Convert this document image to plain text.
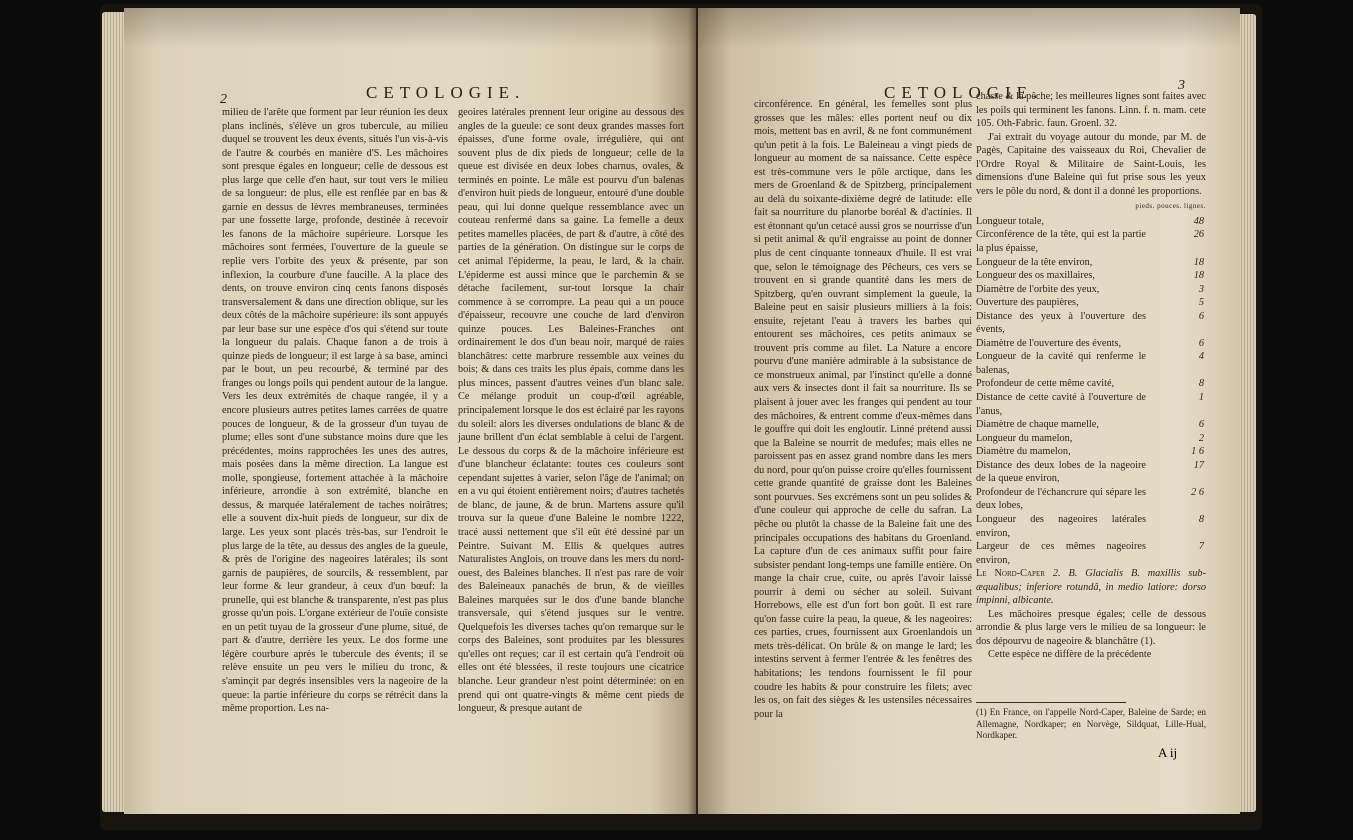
2	CETOLOGIE.

milieu de l'arête que forment par leur réunion les deux plans inclinés, s'élève un gros tubercule, au milieu duquel se trouvent les deux évents, situés l'un vis-à-vis de l'autre & courbés en manière d'S. Les mâchoires sont presque égales en longueur; celle de dessous est plus large que celle d'en haut, sur tout vers le milieu de sa longueur: de plus, elle est renflée par en bas & garnie en dessus de lèvres membraneuses, terminées par une fossette large, profonde, destinée à recevoir les fanons de la mâchoire supérieure. Lorsque les mâchoires sont fermées, l'ouverture de la gueule se replie vers l'orbite des yeux & présente, par son inflexion, la courbure d'une faucille. A la place des dents, on trouve environ cinq cents fanons disposés transversalement & dans une direction oblique, sur les deux côtés de la mâchoire supérieure: ils sont appuyés par leur base sur une espèce d'os qui s'étend sur toute la longueur du palais. Chaque fanon a de trois à quinze pieds de longueur; il est large à sa base, aminci par le bout, un peu recourbé, & terminé par des franges ou longs poils qui pendent autour de la langue. Vers les deux extrémités de chaque rangée, il y a encore plusieurs autres petites lames carrées de quatre pouces de longueur, & de la grosseur d'un tuyau de plume; elles sont d'une substance moins dure que les précédentes, moins rapprochées les unes des autres, mais posées dans la même direction. La langue est molle, spongieuse, fortement attachée à la mâchoire inférieure, arrondie à son extrémité, blanche en dessus, & marquée latéralement de taches noirâtres; elle a souvent dix-huit pieds de longueur, sur dix de large. Les yeux sont placés très-bas, sur l'endroit le plus large de la tête, au dessus des angles de la gueule, & près de l'origine des nageoires latérales; ils sont garnis de paupières, de sourcils, & ressemblent, par leur forme & leur grandeur, à ceux d'un bœuf: la prunelle, qui est blanche & transparente, n'est pas plus grosse qu'un pois. L'organe extérieur de l'ouïe consiste en un petit tuyau de la grosseur d'une plume, situé, de part & d'autre, derrière les yeux. Le dos forme une légère courbure après le tubercule des évents; il se relève ensuite un peu vers le milieu du tronc, & s'aminçit par degrés insensibles vers la nageoire de la queue: la partie inférieure du corps se rétrécit dans la même proportion. Les na-

geoires latérales prennent leur origine au dessous des angles de la gueule: ce sont deux grandes masses fort épaisses, d'une forme ovale, irrégulière, qui ont souvent plus de dix pieds de longueur; celle de la queue est divisée en deux lobes charnus, ovales, & terminés en pointe. Le mâle est pourvu d'un balenas d'environ huit pieds de longueur, entouré d'une double peau, qui lui donne quelque ressemblance avec un couteau renfermé dans sa gaine. La femelle a deux petites mamelles placées, de part & d'autre, à côté des parties de la génération. On distingue sur le corps de cet animal l'épiderme, la peau, le lard, & la chair. L'épiderme est aussi mince que le parchemin & se détache facilement, sur-tout lorsque la chair commence à se corrompre. La peau qui a un pouce d'épaisseur, recouvre une couche de lard d'environ quinze pouces. Les Baleines-Franches ont ordinairement le dos d'un beau noir, marqué de raies blanchâtres: cette marbrure ressemble aux veines du bois; & dans ces traits les plus épais, comme dans les plus minces, passent d'autres veines d'un blanc sale. Ce mélange produit un coup-d'œil agréable, principalement lorsque le dos est éclairé par les rayons du soleil: alors les diverses ondulations de blanc & de jaune brillent d'un éclat semblable à celui de l'argent. Le dessous du corps & de la mâchoire inférieure est d'une blancheur éclatante: toutes ces couleurs sont cependant sujettes à varier, selon l'âge de l'animal; on en a vu qui étoient entièrement noirs; d'autres tachetés de blanc, de jaune, & de brun. Martens assure qu'il trouva sur la queue d'une Baleine le nombre 1222, tracé aussi nettement que s'il eût été dessiné par un Peintre. Suivant M. Ellis & quelques autres Naturalistes Anglois, on trouve dans les mers du nord-ouest, des Baleines blanches. Il n'est pas rare de voir des Baleineaux panachés de brun, & de vieilles Baleines marquées sur le dos d'une bande blanche transversale, qui s'étend jusques sur le ventre. Quelquefois les diverses taches qu'on remarque sur le corps des Baleines, sont produites par les blessures qu'elles ont reçues; car il est certain qu'à l'endroit où elles ont été blessées, il reste toujours une cicatrice blanche. Leur grandeur n'est point déterminée: on en prend qui ont quatre-vingts & même cent pieds de longueur, & presque autant de

CETOLOGIE.	3

circonférence. En général, les femelles sont plus grosses que les mâles: elles portent neuf ou dix mois, mettent bas en avril, & ne font communément qu'un petit à la fois. Le Baleineau a vingt pieds de longueur au moment de sa naissance. Cette espèce est très-commune vers le pôle arctique, dans les mers de Groenland & de Spitzberg, principalement au delà du soixante-dixième degré de latitude: elle fait sa nourriture du planorbe boréal & d'actinies. Il est étonnant qu'un cetacé aussi gros se nourrisse d'un si petit animal & qu'il engraisse au point de donner plus de cent cinquante tonneaux d'huile. Il est vrai que, selon le témoignage des Pêcheurs, ces vers se trouvent en si grande quantité dans les mers de Spitzberg, qu'en ouvrant simplement la gueule, la Baleine peut en saisir plusieurs milliers à la fois: ensuite, rejetant l'eau à travers les barbes qui entourent ses mâchoires, ces petits animaux se trouvent pris comme au filet. La Nature a encore pourvu d'une manière admirable à la subsistance de ce monstrueux animal, par l'instinct qu'elle a donné aux vers & insectes dont il fait sa nourriture. Ils se plaisent à jouer avec les franges qui pendent au tour des mâchoires, & entrent comme d'eux-mêmes dans le gouffre qui doit les engloutir. Linné prétend aussi que la Baleine se nourrit de medufes; mais elles ne paroissent pas en assez grand nombre dans les mers du nord, pour qu'on puisse croire qu'elles fournissent cette grande quantité de graisse dont les Baleines sont pourvues. Ses excrémens sont un peu solides & d'une couleur qui approche de celle du safran. La pêche ou plutôt la chasse de la Baleine fait une des principales occupations des habitans du Groenland. La capture d'un de ces animaux suffit pour faire subsister pendant long-temps une famille entière. On mange la chair crue, cuite, ou après l'avoir laissé pourrir à demi ou sécher au soleil. Suivant Horrebows, elle est d'un fort bon goût. Il est rare qu'on fasse cuire la peau, la queue, & les nageoires: ces parties, crues, fournissent aux Groenlandois un mets très-délicat. On brûle & on mange le lard; les intestins servent à fermer l'entrée & les fenêtres des habitations; les tendons fournissent le fil pour coudre les habits & pour construire les filets; avec les os, on fait des sièges & les ustensiles nécessaires pour la

chasse & la pêche; les meilleures lignes sont faites avec les poils qui terminent les fanons. Linn. f. n. mam. cete 105. Oth-Fabric. faun. Groenl. 32.

J'ai extrait du voyage autour du monde, par M. de Pagès, Capitaine des vaisseaux du Roi, Chevalier de l'Ordre Royal & Militaire de Saint-Louis, les dimensions d'une Baleine qui fut prise sous les yeux vers le pôle du nord, & dont il a donné les proportions.

pieds. pouces. lignes.
Longueur totale,	48
Circonférence de la tête, qui est la partie la plus épaisse,
26
Longueur de la tête environ,	18
Longueur des os maxillaires,	18
Diamètre de l'orbite des yeux,	3
Ouverture des paupières,	5
Distance des yeux à l'ouverture des évents,
6
Diamètre de l'ouverture des évents,	6
Longueur de la cavité qui renferme le balenas,
4
Profondeur de cette même cavité,	8
Distance de cette cavité à l'ouverture de l'anus,
1
Diamètre de chaque mamelle,	6
Longueur du mamelon,	2
Diamètre du mamelon,	1 6
Distance des deux lobes de la nageoire de la queue environ,
17
Profondeur de l'échancrure qui sépare les deux lobes,
2 6
Longueur des nageoires latérales environ,
8
Largeur de ces mêmes nageoires environ,
7

Le Nord-Caper 2. B. Glacialis B. maxillis sub-æqualibus; inferiore rotundâ, in medio latiore: dorso impinni, albicante.

Les mâchoires presque égales; celle de dessous arrondie & plus large vers le milieu de sa longueur: le dos dépourvu de nageoire & blanchâtre (1).

Cette espèce ne diffère de la précédente

(1) En France, on l'appelle Nord-Caper, Baleine de Sarde; en Allemagne, Nordkaper; en Norvège, Sildquat, Lille-Hual, Nordkaper.
A ij
